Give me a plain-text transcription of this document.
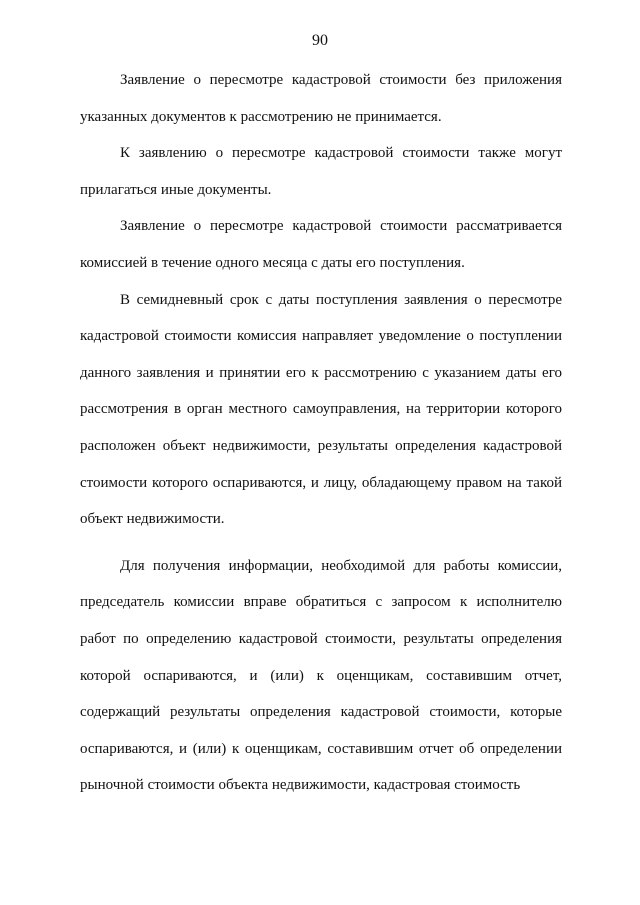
90

Заявление о пересмотре кадастровой стоимости без приложения указанных документов к рассмотрению не принимается.

К заявлению о пересмотре кадастровой стоимости также могут прилагаться иные документы.

Заявление о пересмотре кадастровой стоимости рассматривается комиссией в течение одного месяца с даты его поступления.

В семидневный срок с даты поступления заявления о пересмотре кадастровой стоимости комиссия направляет уведомление о поступлении данного заявления и принятии его к рассмотрению с указанием даты его рассмотрения в орган местного самоуправления, на территории которого расположен объект недвижимости, результаты определения кадастровой стоимости которого оспариваются, и лицу, обладающему правом на такой объект недвижимости.

Для получения информации, необходимой для работы комиссии, председатель комиссии вправе обратиться с запросом к исполнителю работ по определению кадастровой стоимости, результаты определения которой оспариваются, и (или) к оценщикам, составившим отчет, содержащий результаты определения кадастровой стоимости, которые оспариваются, и (или) к оценщикам, составившим отчет об определении рыночной стоимости объекта недвижимости, кадастровая стоимость
